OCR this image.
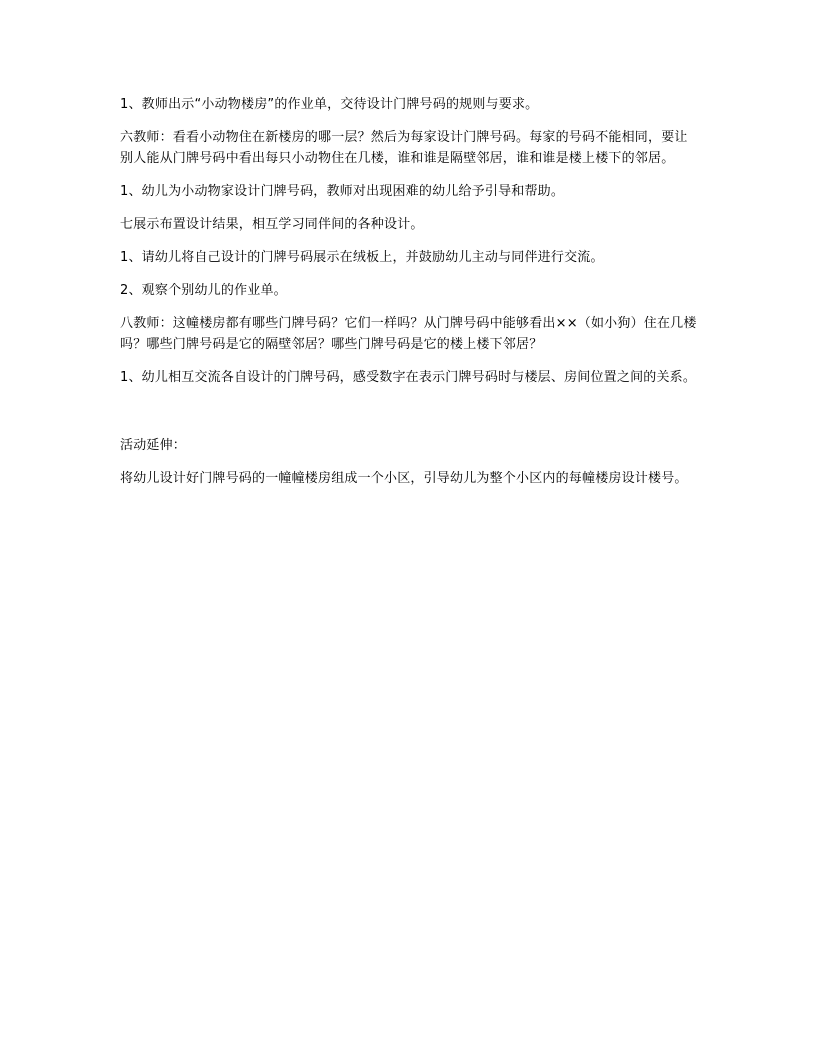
1、教师出示“小动物楼房”的作业单，交待设计门牌号码的规则与要求。

六教师：看看小动物住在新楼房的哪一层？然后为每家设计门牌号码。每家的号码不能相同，要让别人能从门牌号码中看出每只小动物住在几楼，谁和谁是隔壁邻居，谁和谁是楼上楼下的邻居。

1、幼儿为小动物家设计门牌号码，教师对出现困难的幼儿给予引导和帮助。

七展示布置设计结果，相互学习同伴间的各种设计。

1、请幼儿将自己设计的门牌号码展示在绒板上，并鼓励幼儿主动与同伴进行交流。

2、观察个别幼儿的作业单。

八教师：这幢楼房都有哪些门牌号码？它们一样吗？从门牌号码中能够看出××（如小狗）住在几楼吗？哪些门牌号码是它的隔壁邻居？哪些门牌号码是它的楼上楼下邻居？

1、幼儿相互交流各自设计的门牌号码，感受数字在表示门牌号码时与楼层、房间位置之间的关系。

活动延伸：

将幼儿设计好门牌号码的一幢幢楼房组成一个小区，引导幼儿为整个小区内的每幢楼房设计楼号。
